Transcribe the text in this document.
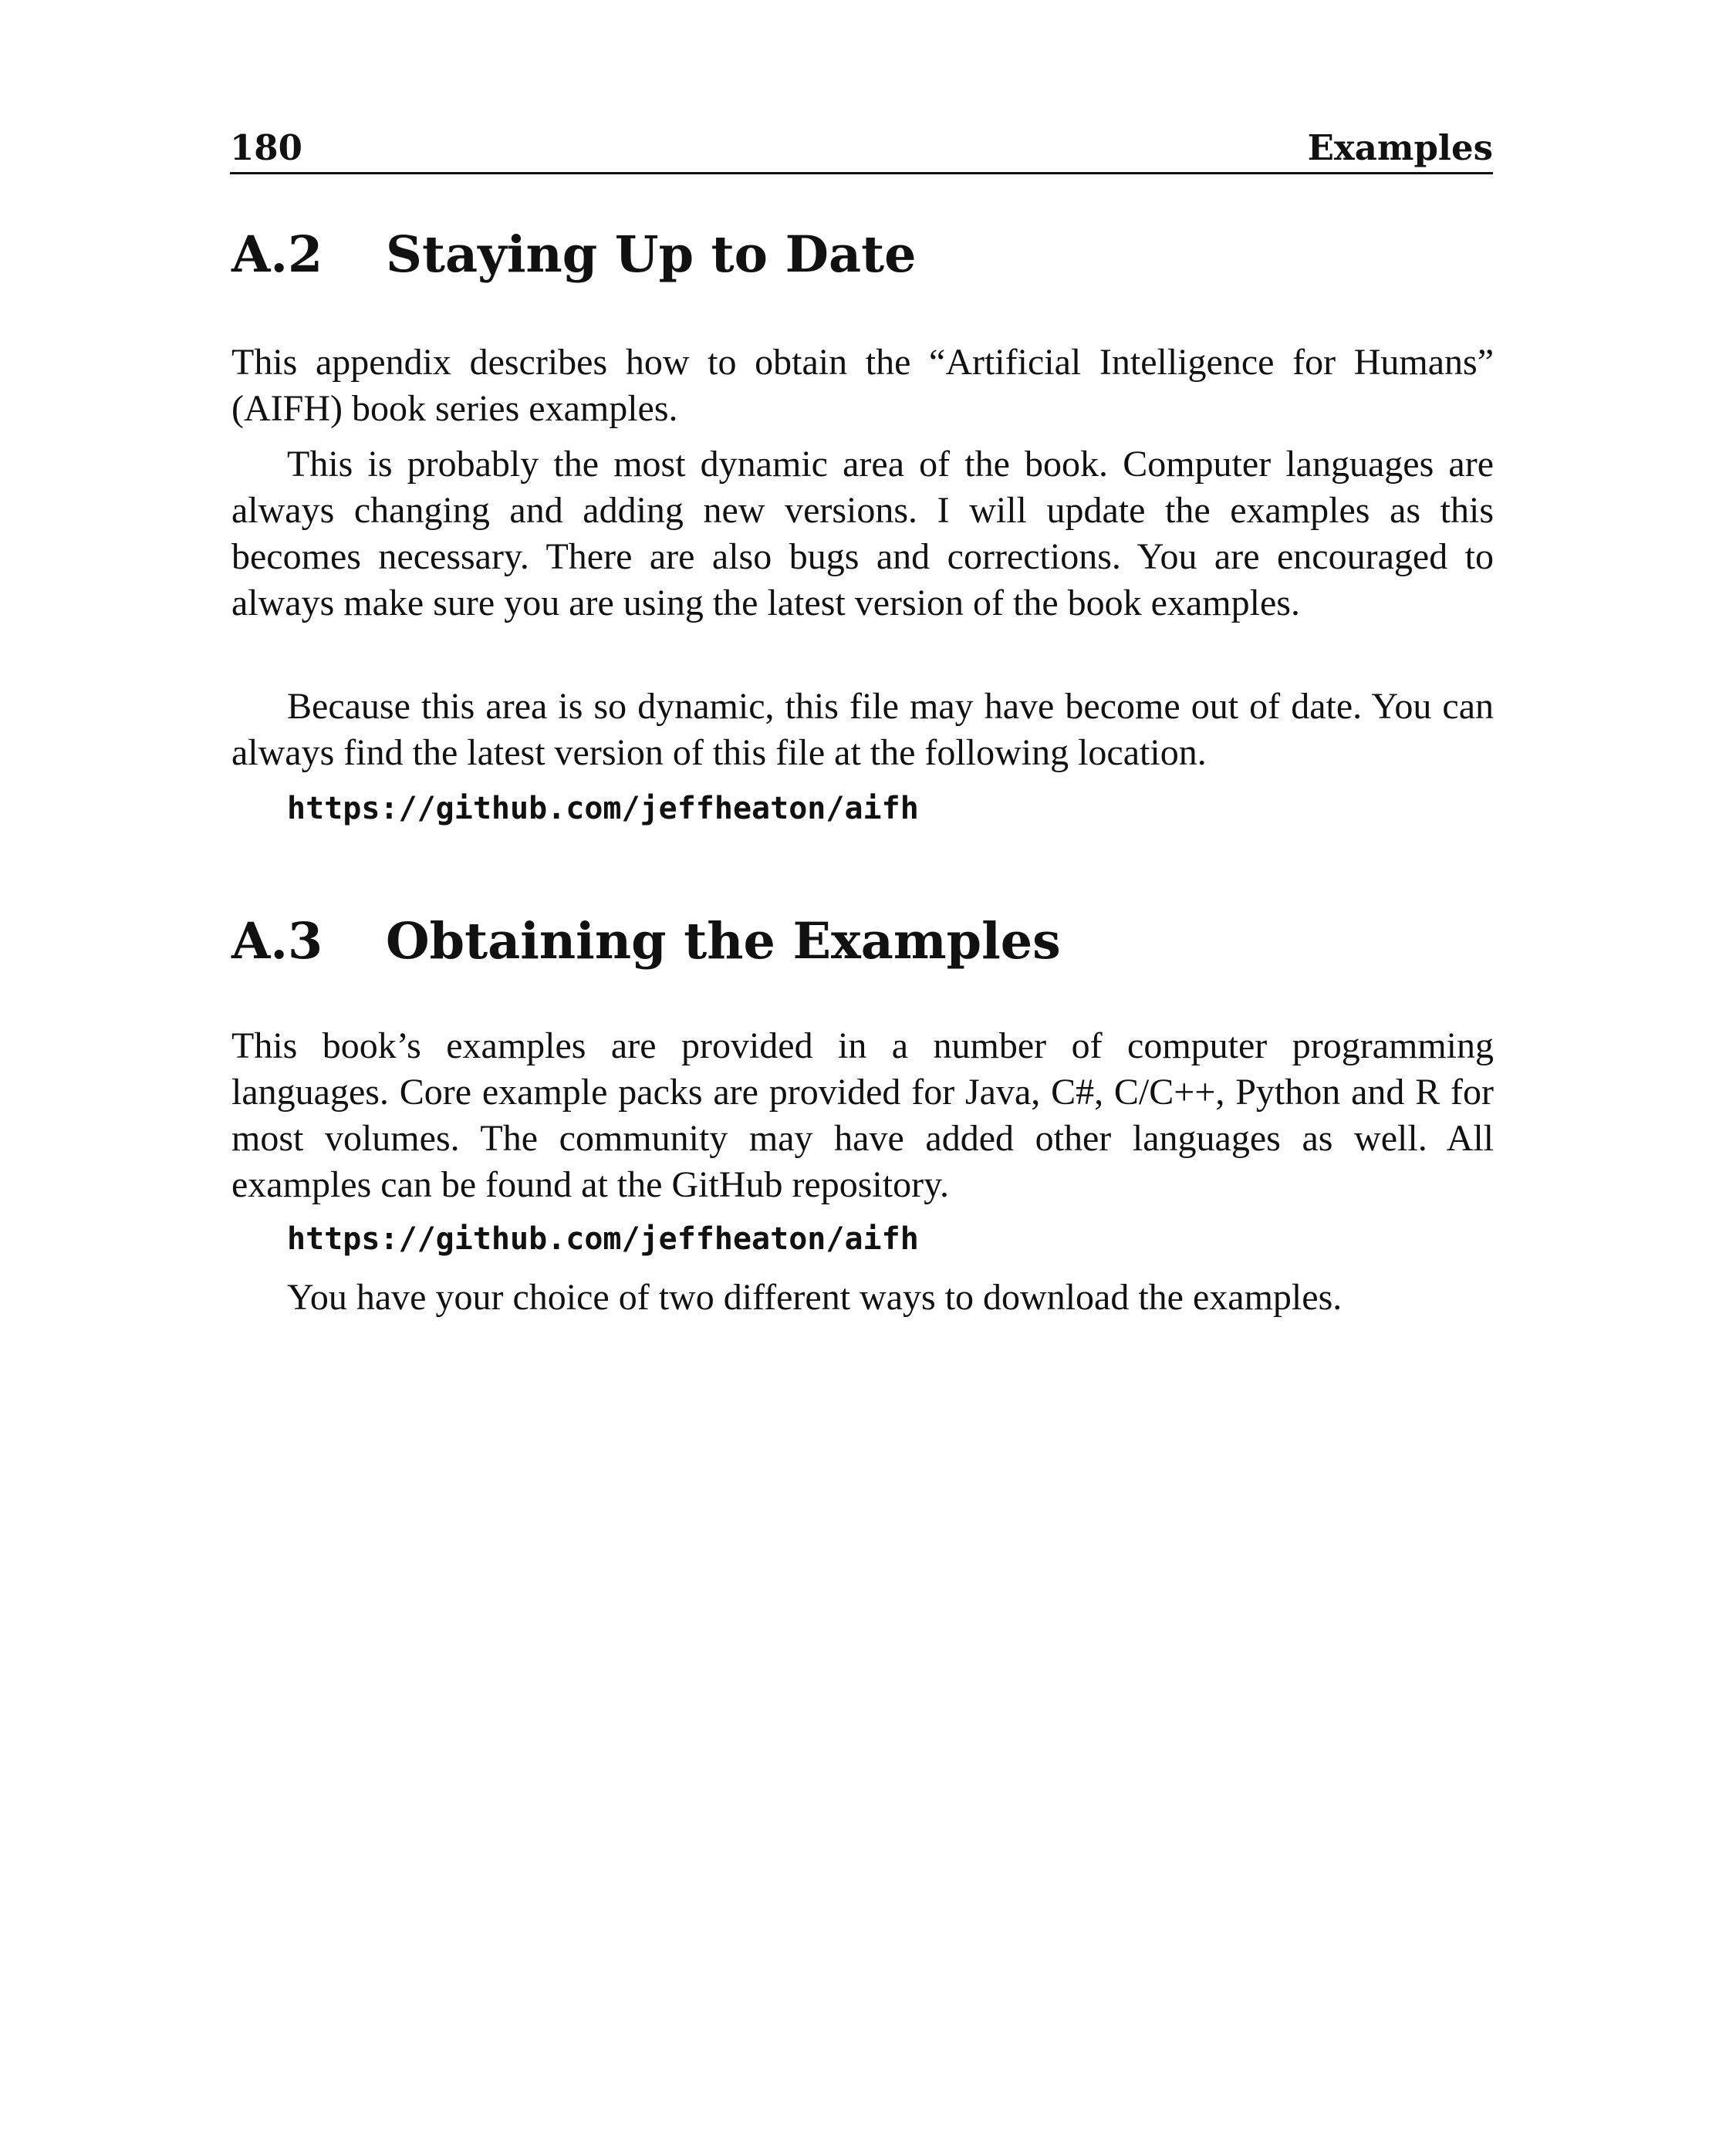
180	Examples
A.2 Staying Up to Date

This appendix describes how to obtain the “Artificial Intelligence for Humans” (AIFH) book series examples.

This is probably the most dynamic area of the book. Computer languages are always changing and adding new versions. I will update the examples as this becomes necessary. There are also bugs and corrections. You are encouraged to always make sure you are using the latest version of the book examples.

Because this area is so dynamic, this file may have become out of date. You can always find the latest version of this file at the following location.

https://github.com/jeffheaton/aifh
A.3 Obtaining the Examples

This book’s examples are provided in a number of computer programming languages. Core example packs are provided for Java, C#, C/C++, Python and R for most volumes. The community may have added other languages as well. All examples can be found at the GitHub repository.

https://github.com/jeffheaton/aifh

You have your choice of two different ways to download the examples.
